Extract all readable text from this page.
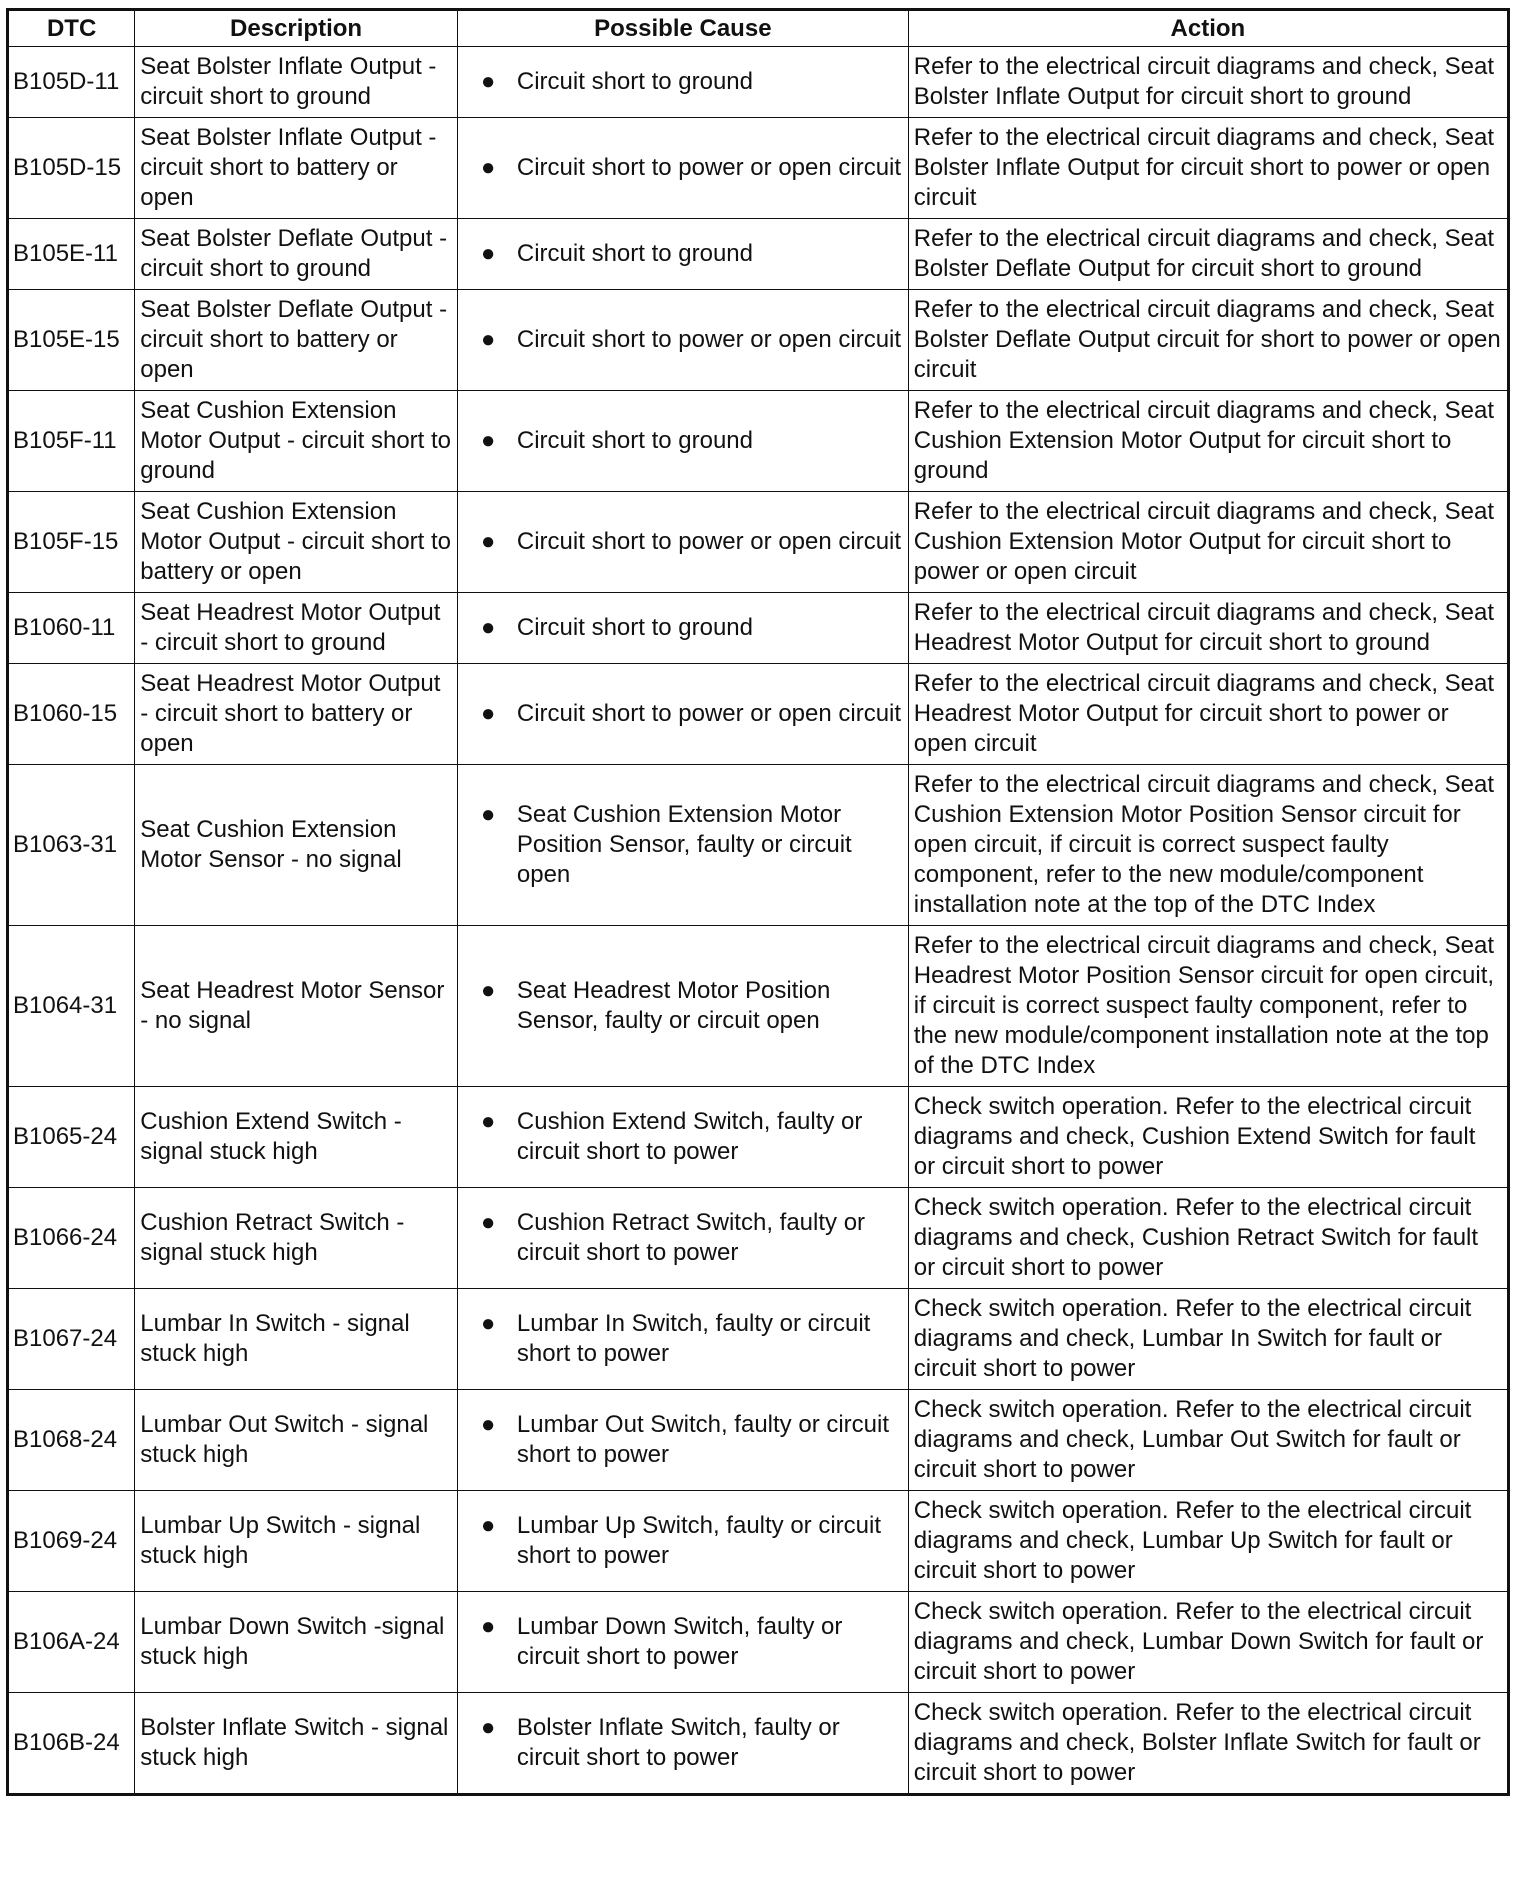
DTC	Description	Possible Cause	Action
B105D-11	Seat Bolster Inflate Output - circuit short to ground	● Circuit short to ground	Refer to the electrical circuit diagrams and check, Seat Bolster Inflate Output for circuit short to ground
B105D-15	Seat Bolster Inflate Output - circuit short to battery or open	● Circuit short to power or open circuit	Refer to the electrical circuit diagrams and check, Seat Bolster Inflate Output for circuit short to power or open circuit
B105E-11	Seat Bolster Deflate Output - circuit short to ground	● Circuit short to ground	Refer to the electrical circuit diagrams and check, Seat Bolster Deflate Output for circuit short to ground
B105E-15	Seat Bolster Deflate Output - circuit short to battery or open	● Circuit short to power or open circuit	Refer to the electrical circuit diagrams and check, Seat Bolster Deflate Output circuit for short to power or open circuit
B105F-11	Seat Cushion Extension Motor Output - circuit short to ground	● Circuit short to ground	Refer to the electrical circuit diagrams and check, Seat Cushion Extension Motor Output for circuit short to ground
B105F-15	Seat Cushion Extension Motor Output - circuit short to battery or open	● Circuit short to power or open circuit	Refer to the electrical circuit diagrams and check, Seat Cushion Extension Motor Output for circuit short to power or open circuit
B1060-11	Seat Headrest Motor Output - circuit short to ground	● Circuit short to ground	Refer to the electrical circuit diagrams and check, Seat Headrest Motor Output for circuit short to ground
B1060-15	Seat Headrest Motor Output - circuit short to battery or open	● Circuit short to power or open circuit	Refer to the electrical circuit diagrams and check, Seat Headrest Motor Output for circuit short to power or open circuit
B1063-31	Seat Cushion Extension Motor Sensor - no signal	● Seat Cushion Extension Motor Position Sensor, faulty or circuit open	Refer to the electrical circuit diagrams and check, Seat Cushion Extension Motor Position Sensor circuit for open circuit, if circuit is correct suspect faulty component, refer to the new module/component installation note at the top of the DTC Index
B1064-31	Seat Headrest Motor Sensor - no signal	● Seat Headrest Motor Position Sensor, faulty or circuit open	Refer to the electrical circuit diagrams and check, Seat Headrest Motor Position Sensor circuit for open circuit, if circuit is correct suspect faulty component, refer to the new module/component installation note at the top of the DTC Index
B1065-24	Cushion Extend Switch - signal stuck high	● Cushion Extend Switch, faulty or circuit short to power	Check switch operation. Refer to the electrical circuit diagrams and check, Cushion Extend Switch for fault or circuit short to power
B1066-24	Cushion Retract Switch - signal stuck high	● Cushion Retract Switch, faulty or circuit short to power	Check switch operation. Refer to the electrical circuit diagrams and check, Cushion Retract Switch for fault or circuit short to power
B1067-24	Lumbar In Switch - signal stuck high	● Lumbar In Switch, faulty or circuit short to power	Check switch operation. Refer to the electrical circuit diagrams and check, Lumbar In Switch for fault or circuit short to power
B1068-24	Lumbar Out Switch - signal stuck high	● Lumbar Out Switch, faulty or circuit short to power	Check switch operation. Refer to the electrical circuit diagrams and check, Lumbar Out Switch for fault or circuit short to power
B1069-24	Lumbar Up Switch - signal stuck high	● Lumbar Up Switch, faulty or circuit short to power	Check switch operation. Refer to the electrical circuit diagrams and check, Lumbar Up Switch for fault or circuit short to power
B106A-24	Lumbar Down Switch -signal stuck high	● Lumbar Down Switch, faulty or circuit short to power	Check switch operation. Refer to the electrical circuit diagrams and check, Lumbar Down Switch for fault or circuit short to power
B106B-24	Bolster Inflate Switch - signal stuck high	● Bolster Inflate Switch, faulty or circuit short to power	Check switch operation. Refer to the electrical circuit diagrams and check, Bolster Inflate Switch for fault or circuit short to power
